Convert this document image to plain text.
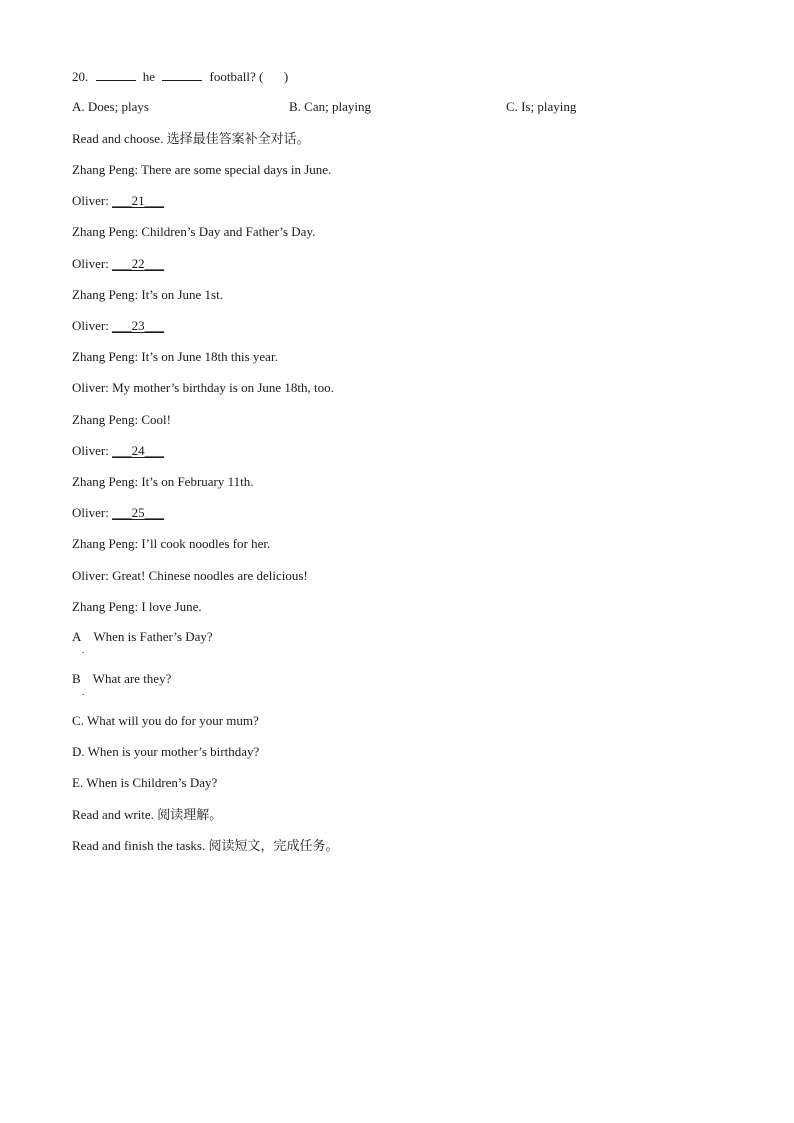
20.	he	football? ( )
A. Does; plays	B. Can; playing	C. Is; playing
Read and choose. 选择最佳答案补全对话。
Zhang Peng: There are some special days in June.
Oliver: ___21___
Zhang Peng: Children’s Day and Father’s Day.
Oliver: ___22___
Zhang Peng: It’s on June 1st.
Oliver: ___23___
Zhang Peng: It’s on June 18th this year.
Oliver: My mother’s birthday is on June 18th, too.
Zhang Peng: Cool!
Oliver: ___24___
Zhang Peng: It’s on February 11th.
Oliver: ___25___
Zhang Peng: I’ll cook noodles for her.
Oliver: Great! Chinese noodles are delicious!
Zhang Peng: I love June.
A When is Father’s Day?
.
B What are they?
.
C. What will you do for your mum?
D. When is your mother’s birthday?
E. When is Children’s Day?
Read and write. 阅读理解。
Read and finish the tasks. 阅读短文，完成任务。
